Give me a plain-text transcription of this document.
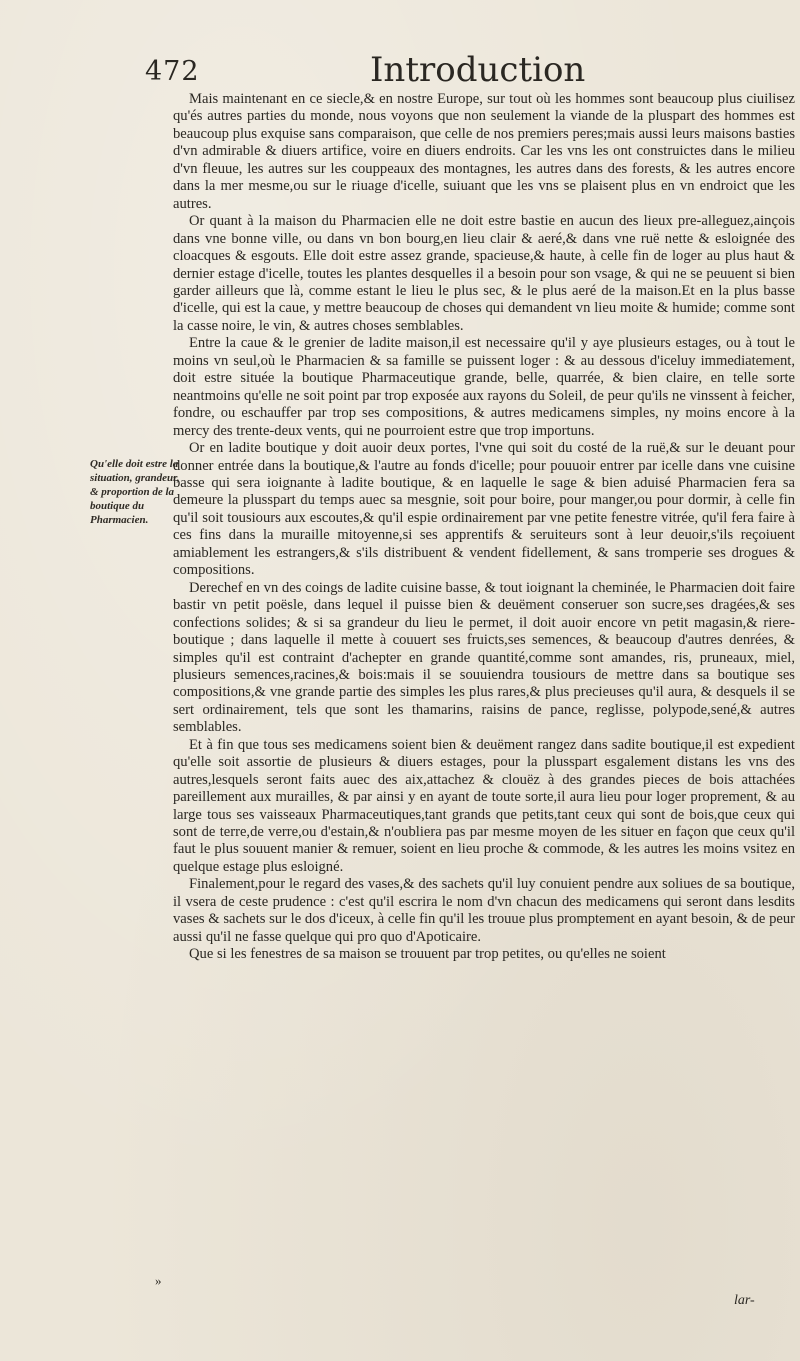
472	Introduction
Qu'elle doit estre la situation, grandeur, & proportion de la boutique du Pharmacien.

Mais maintenant en ce siecle,& en nostre Europe, sur tout où les hommes sont beaucoup plus ciuilisez qu'és autres parties du monde, nous voyons que non seulement la viande de la pluspart des hommes est beaucoup plus exquise sans comparaison, que celle de nos premiers peres;mais aussi leurs maisons basties d'vn admirable & diuers artifice, voire en diuers endroits. Car les vns les ont construictes dans le milieu d'vn fleuue, les autres sur les couppeaux des montagnes, les autres dans des forests, & les autres encore dans la mer mesme,ou sur le riuage d'icelle, suiuant que les vns se plaisent plus en vn endroict que les autres.

Or quant à la maison du Pharmacien elle ne doit estre bastie en aucun des lieux pre-alleguez,ainçois dans vne bonne ville, ou dans vn bon bourg,en lieu clair & aeré,& dans vne ruë nette & esloignée des cloacques & esgouts. Elle doit estre assez grande, spacieuse,& haute, à celle fin de loger au plus haut & dernier estage d'icelle, toutes les plantes desquelles il a besoin pour son vsage, & qui ne se peuuent si bien garder ailleurs que là, comme estant le lieu le plus sec, & le plus aeré de la maison.Et en la plus basse d'icelle, qui est la caue, y mettre beaucoup de choses qui demandent vn lieu moite & humide; comme sont la casse noire, le vin, & autres choses semblables.

Entre la caue & le grenier de ladite maison,il est necessaire qu'il y aye plusieurs estages, ou à tout le moins vn seul,où le Pharmacien & sa famille se puissent loger : & au dessous d'iceluy immediatement, doit estre située la boutique Pharmaceutique grande, belle, quarrée, & bien claire, en telle sorte neantmoins qu'elle ne soit point par trop exposée aux rayons du Soleil, de peur qu'ils ne vinssent à feicher, fondre, ou eschauffer par trop ses compositions, & autres medicamens simples, ny moins encore à la mercy des trente-deux vents, qui ne pourroient estre que trop importuns.

Or en ladite boutique y doit auoir deux portes, l'vne qui soit du costé de la ruë,& sur le deuant pour donner entrée dans la boutique,& l'autre au fonds d'icelle; pour pouuoir entrer par icelle dans vne cuisine basse qui sera ioignante à ladite boutique, & en laquelle le sage & bien aduisé Pharmacien fera sa demeure la plusspart du temps auec sa mesgnie, soit pour boire, pour manger,ou pour dormir, à celle fin qu'il soit tousiours aux escoutes,& qu'il espie ordinairement par vne petite fenestre vitrée, qu'il fera faire à ces fins dans la muraille mitoyenne,si ses apprentifs & seruiteurs sont à leur deuoir,s'ils reçoiuent amiablement les estrangers,& s'ils distribuent & vendent fidellement, & sans tromperie ses drogues & compositions.

Derechef en vn des coings de ladite cuisine basse, & tout ioignant la cheminée, le Pharmacien doit faire bastir vn petit poësle, dans lequel il puisse bien & deuëment conseruer son sucre,ses dragées,& ses confections solides; & si sa grandeur du lieu le permet, il doit auoir encore vn petit magasin,& riere-boutique ; dans laquelle il mette à couuert ses fruicts,ses semences, & beaucoup d'autres denrées, & simples qu'il est contraint d'achepter en grande quantité,comme sont amandes, ris, pruneaux, miel, plusieurs semences,racines,& bois:mais il se souuiendra tousiours de mettre dans sa boutique ses compositions,& vne grande partie des simples les plus rares,& plus precieuses qu'il aura, & desquels il se sert ordinairement, tels que sont les thamarins, raisins de pance, reglisse, polypode,sené,& autres semblables.

Et à fin que tous ses medicamens soient bien & deuëment rangez dans sadite boutique,il est expedient qu'elle soit assortie de plusieurs & diuers estages, pour la plusspart esgalement distans les vns des autres,lesquels seront faits auec des aix,attachez & clouëz à des grandes pieces de bois attachées pareillement aux murailles, & par ainsi y en ayant de toute sorte,il aura lieu pour loger proprement, & au large tous ses vaisseaux Pharmaceutiques,tant grands que petits,tant ceux qui sont de bois,que ceux qui sont de terre,de verre,ou d'estain,& n'oubliera pas par mesme moyen de les situer en façon que ceux qu'il faut le plus souuent manier & remuer, soient en lieu proche & commode, & les autres les moins vsitez en quelque estage plus esloigné.

Finalement,pour le regard des vases,& des sachets qu'il luy conuient pendre aux soliues de sa boutique, il vsera de ceste prudence : c'est qu'il escrira le nom d'vn chacun des medicamens qui seront dans lesdits vases & sachets sur le dos d'iceux, à celle fin qu'il les trouue plus promptement en ayant besoin, & de peur aussi qu'il ne fasse quelque qui pro quo d'Apoticaire.

Que si les fenestres de sa maison se trouuent par trop petites, ou qu'elles ne soient

»
lar-
